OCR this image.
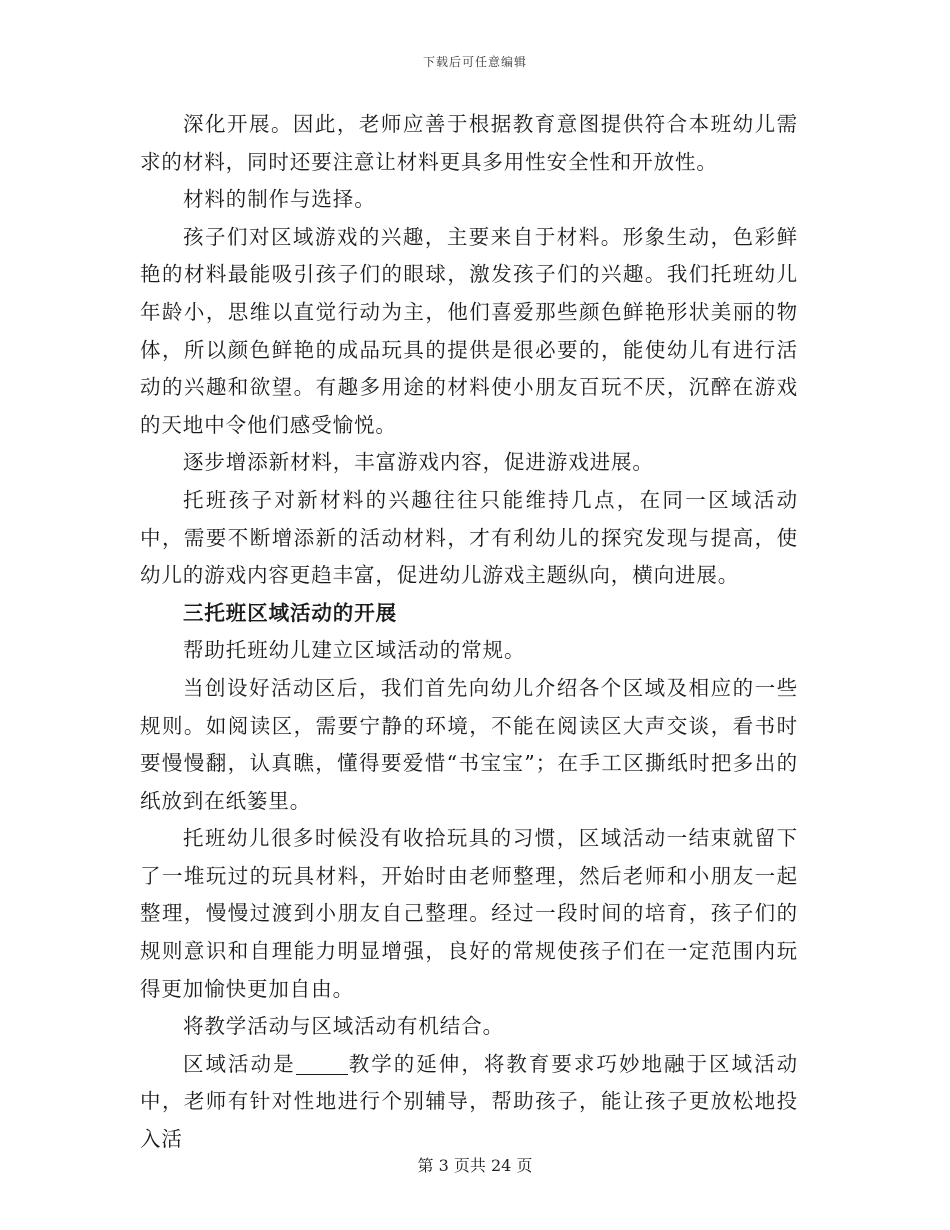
下载后可任意编辑

深化开展。因此，老师应善于根据教育意图提供符合本班幼儿需求的材料，同时还要注意让材料更具多用性安全性和开放性。

材料的制作与选择。

孩子们对区域游戏的兴趣，主要来自于材料。形象生动，色彩鲜艳的材料最能吸引孩子们的眼球，激发孩子们的兴趣。我们托班幼儿年龄小，思维以直觉行动为主，他们喜爱那些颜色鲜艳形状美丽的物体，所以颜色鲜艳的成品玩具的提供是很必要的，能使幼儿有进行活动的兴趣和欲望。有趣多用途的材料使小朋友百玩不厌，沉醉在游戏的天地中令他们感受愉悦。

逐步增添新材料，丰富游戏内容，促进游戏进展。

托班孩子对新材料的兴趣往往只能维持几点，在同一区域活动中，需要不断增添新的活动材料，才有利幼儿的探究发现与提高，使幼儿的游戏内容更趋丰富，促进幼儿游戏主题纵向，横向进展。

三托班区域活动的开展

帮助托班幼儿建立区域活动的常规。

当创设好活动区后，我们首先向幼儿介绍各个区域及相应的一些规则。如阅读区，需要宁静的环境，不能在阅读区大声交谈，看书时要慢慢翻，认真瞧，懂得要爱惜“书宝宝”；在手工区撕纸时把多出的纸放到在纸篓里。

托班幼儿很多时候没有收拾玩具的习惯，区域活动一结束就留下了一堆玩过的玩具材料，开始时由老师整理，然后老师和小朋友一起整理，慢慢过渡到小朋友自己整理。经过一段时间的培育，孩子们的规则意识和自理能力明显增强，良好的常规使孩子们在一定范围内玩得更加愉快更加自由。

将教学活动与区域活动有机结合。

区域活动是	教学的延伸，将教育要求巧妙地融于区域活动中，老师有针对性地进行个别辅导，帮助孩子，能让孩子更放松地投入活

第 3 页共 24 页
